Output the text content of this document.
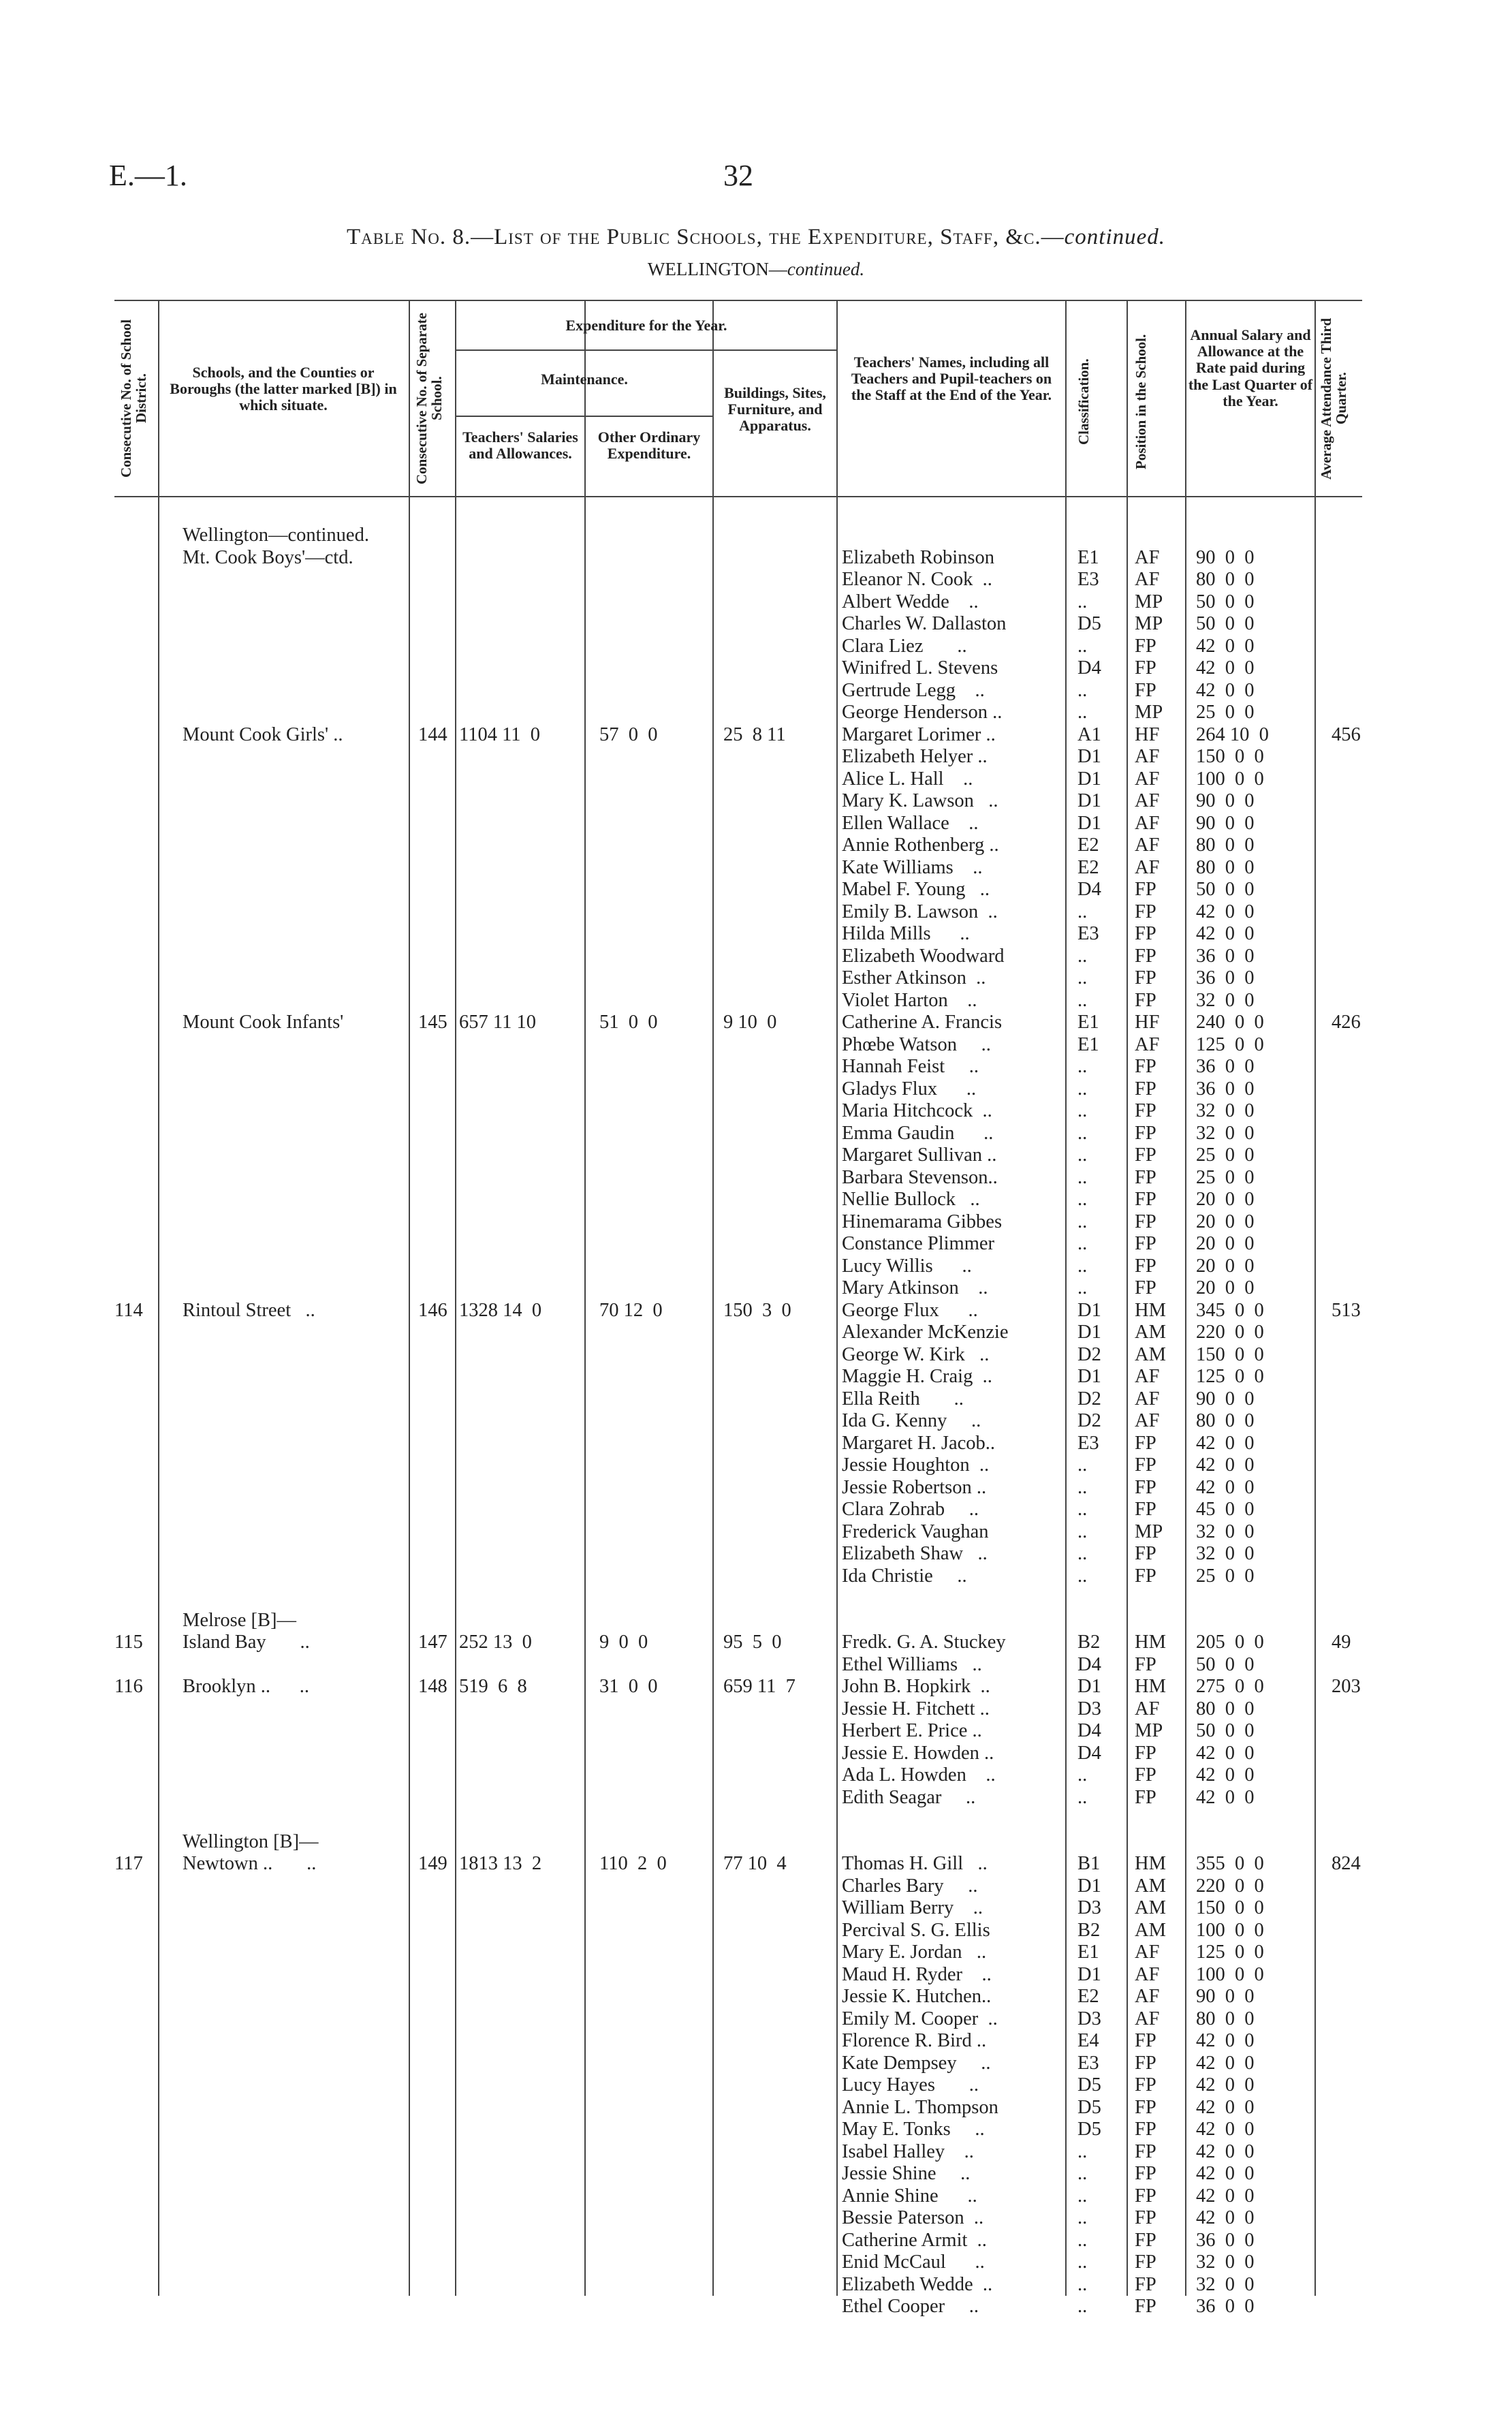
E.—1.	32
Table No. 8.—List of the Public Schools, the Expenditure, Staff, &c.—continued.
WELLINGTON—continued.
Consecutive No. of School District.
Schools, and the Counties or Boroughs (the latter marked [B]) in which situate.	Consecutive No. of Separate School.
Expenditure for the Year.
Maintenance.
Teachers' Salaries and Allowances.
Other Ordinary Expenditure.
Buildings, Sites, Furniture, and Apparatus.
Teachers' Names, including all Teachers and Pupil-teachers on the Staff at the End of the Year.	Classification.	Position in the School.	Annual Salary and Allowance at the Rate paid during the Last Quarter of the Year.	Average Attendance Third Quarter.
Wellington—continued.
Mt. Cook Boys'—ctd.	Elizabeth Robinson	E1 AF 90  0  0
Eleanor N. Cook  ..	E3 AF 80  0  0
Albert Wedde    ..	.. MP 50  0  0
Charles W. Dallaston	D5 MP 50  0  0
Clara Liez       ..	.. FP 42  0  0
Winifred L. Stevens	D4 FP 42  0  0
Gertrude Legg    ..	.. FP 42  0  0
George Henderson ..	.. MP 25  0  0
Mount Cook Girls' ..	144 1104 11  0	57  0  0	25  8 11	Margaret Lorimer ..	A1 HF 264 10  0	456
Elizabeth Helyer ..	D1 AF 150  0  0
Alice L. Hall    ..	D1 AF 100  0  0
Mary K. Lawson   ..	D1 AF 90  0  0
Ellen Wallace    ..	D1 AF 90  0  0
Annie Rothenberg ..	E2 AF 80  0  0
Kate Williams    ..	E2 AF 80  0  0
Mabel F. Young   ..	D4 FP 50  0  0
Emily B. Lawson  ..	.. FP 42  0  0
Hilda Mills      ..	E3 FP 42  0  0
Elizabeth Woodward	.. FP 36  0  0
Esther Atkinson  ..	.. FP 36  0  0
Violet Harton    ..	.. FP 32  0  0
Mount Cook Infants'	145 657 11 10	51  0  0	9 10  0	Catherine A. Francis	E1 HF 240  0  0	426
Phœbe Watson     ..	E1 AF 125  0  0
Hannah Feist     ..	.. FP 36  0  0
Gladys Flux      ..	.. FP 36  0  0
Maria Hitchcock  ..	.. FP 32  0  0
Emma Gaudin      ..	.. FP 32  0  0
Margaret Sullivan ..	.. FP 25  0  0
Barbara Stevenson..	.. FP 25  0  0
Nellie Bullock   ..	.. FP 20  0  0
Hinemarama Gibbes	.. FP 20  0  0
Constance Plimmer	.. FP 20  0  0
Lucy Willis      ..	.. FP 20  0  0
Mary Atkinson    ..	.. FP 20  0  0
114 Rintoul Street   ..	146 1328 14  0	70 12  0	150  3  0	George Flux      ..	D1 HM 345  0  0	513
Alexander McKenzie	D1 AM 220  0  0
George W. Kirk   ..	D2 AM 150  0  0
Maggie H. Craig  ..	D1 AF 125  0  0
Ella Reith       ..	D2 AF 90  0  0
Ida G. Kenny     ..	D2 AF 80  0  0
Margaret H. Jacob..	E3 FP 42  0  0
Jessie Houghton  ..	.. FP 42  0  0
Jessie Robertson ..	.. FP 42  0  0
Clara Zohrab     ..	.. FP 45  0  0
Frederick Vaughan	.. MP 32  0  0
Elizabeth Shaw   ..	.. FP 32  0  0
Ida Christie     ..	.. FP 25  0  0
Melrose [B]—
115 Island Bay       ..	147 252 13  0	9  0  0	95  5  0	Fredk. G. A. Stuckey	B2 HM 205  0  0	49
Ethel Williams   ..	D4 FP 50  0  0
116 Brooklyn ..      ..	148 519  6  8	31  0  0	659 11  7 John B. Hopkirk  ..	D1 HM 275  0  0	203
Jessie H. Fitchett ..	D3 AF 80  0  0
Herbert E. Price ..	D4 MP 50  0  0
Jessie E. Howden ..	D4 FP 42  0  0
Ada L. Howden    ..	.. FP 42  0  0
Edith Seagar     ..	.. FP 42  0  0
Wellington [B]—
117 Newtown ..       ..	149 1813 13  2	110  2  0	77 10  4	Thomas H. Gill   ..	B1 HM 355  0  0	824
Charles Bary     ..	D1 AM 220  0  0
William Berry    ..	D3 AM 150  0  0
Percival S. G. Ellis	B2 AM 100  0  0
Mary E. Jordan   ..	E1 AF 125  0  0
Maud H. Ryder    ..	D1 AF 100  0  0
Jessie K. Hutchen..	E2 AF 90  0  0
Emily M. Cooper  ..	D3 AF 80  0  0
Florence R. Bird ..	E4 FP 42  0  0
Kate Dempsey     ..	E3 FP 42  0  0
Lucy Hayes       ..	D5 FP 42  0  0
Annie L. Thompson	D5 FP 42  0  0
May E. Tonks     ..	D5 FP 42  0  0
Isabel Halley    ..	.. FP 42  0  0
Jessie Shine     ..	.. FP 42  0  0
Annie Shine      ..	.. FP 42  0  0
Bessie Paterson  ..	.. FP 42  0  0
Catherine Armit  ..	.. FP 36  0  0
Enid McCaul      ..	.. FP 32  0  0
Elizabeth Wedde  ..	.. FP 32  0  0
Ethel Cooper     ..	.. FP 36  0  0
